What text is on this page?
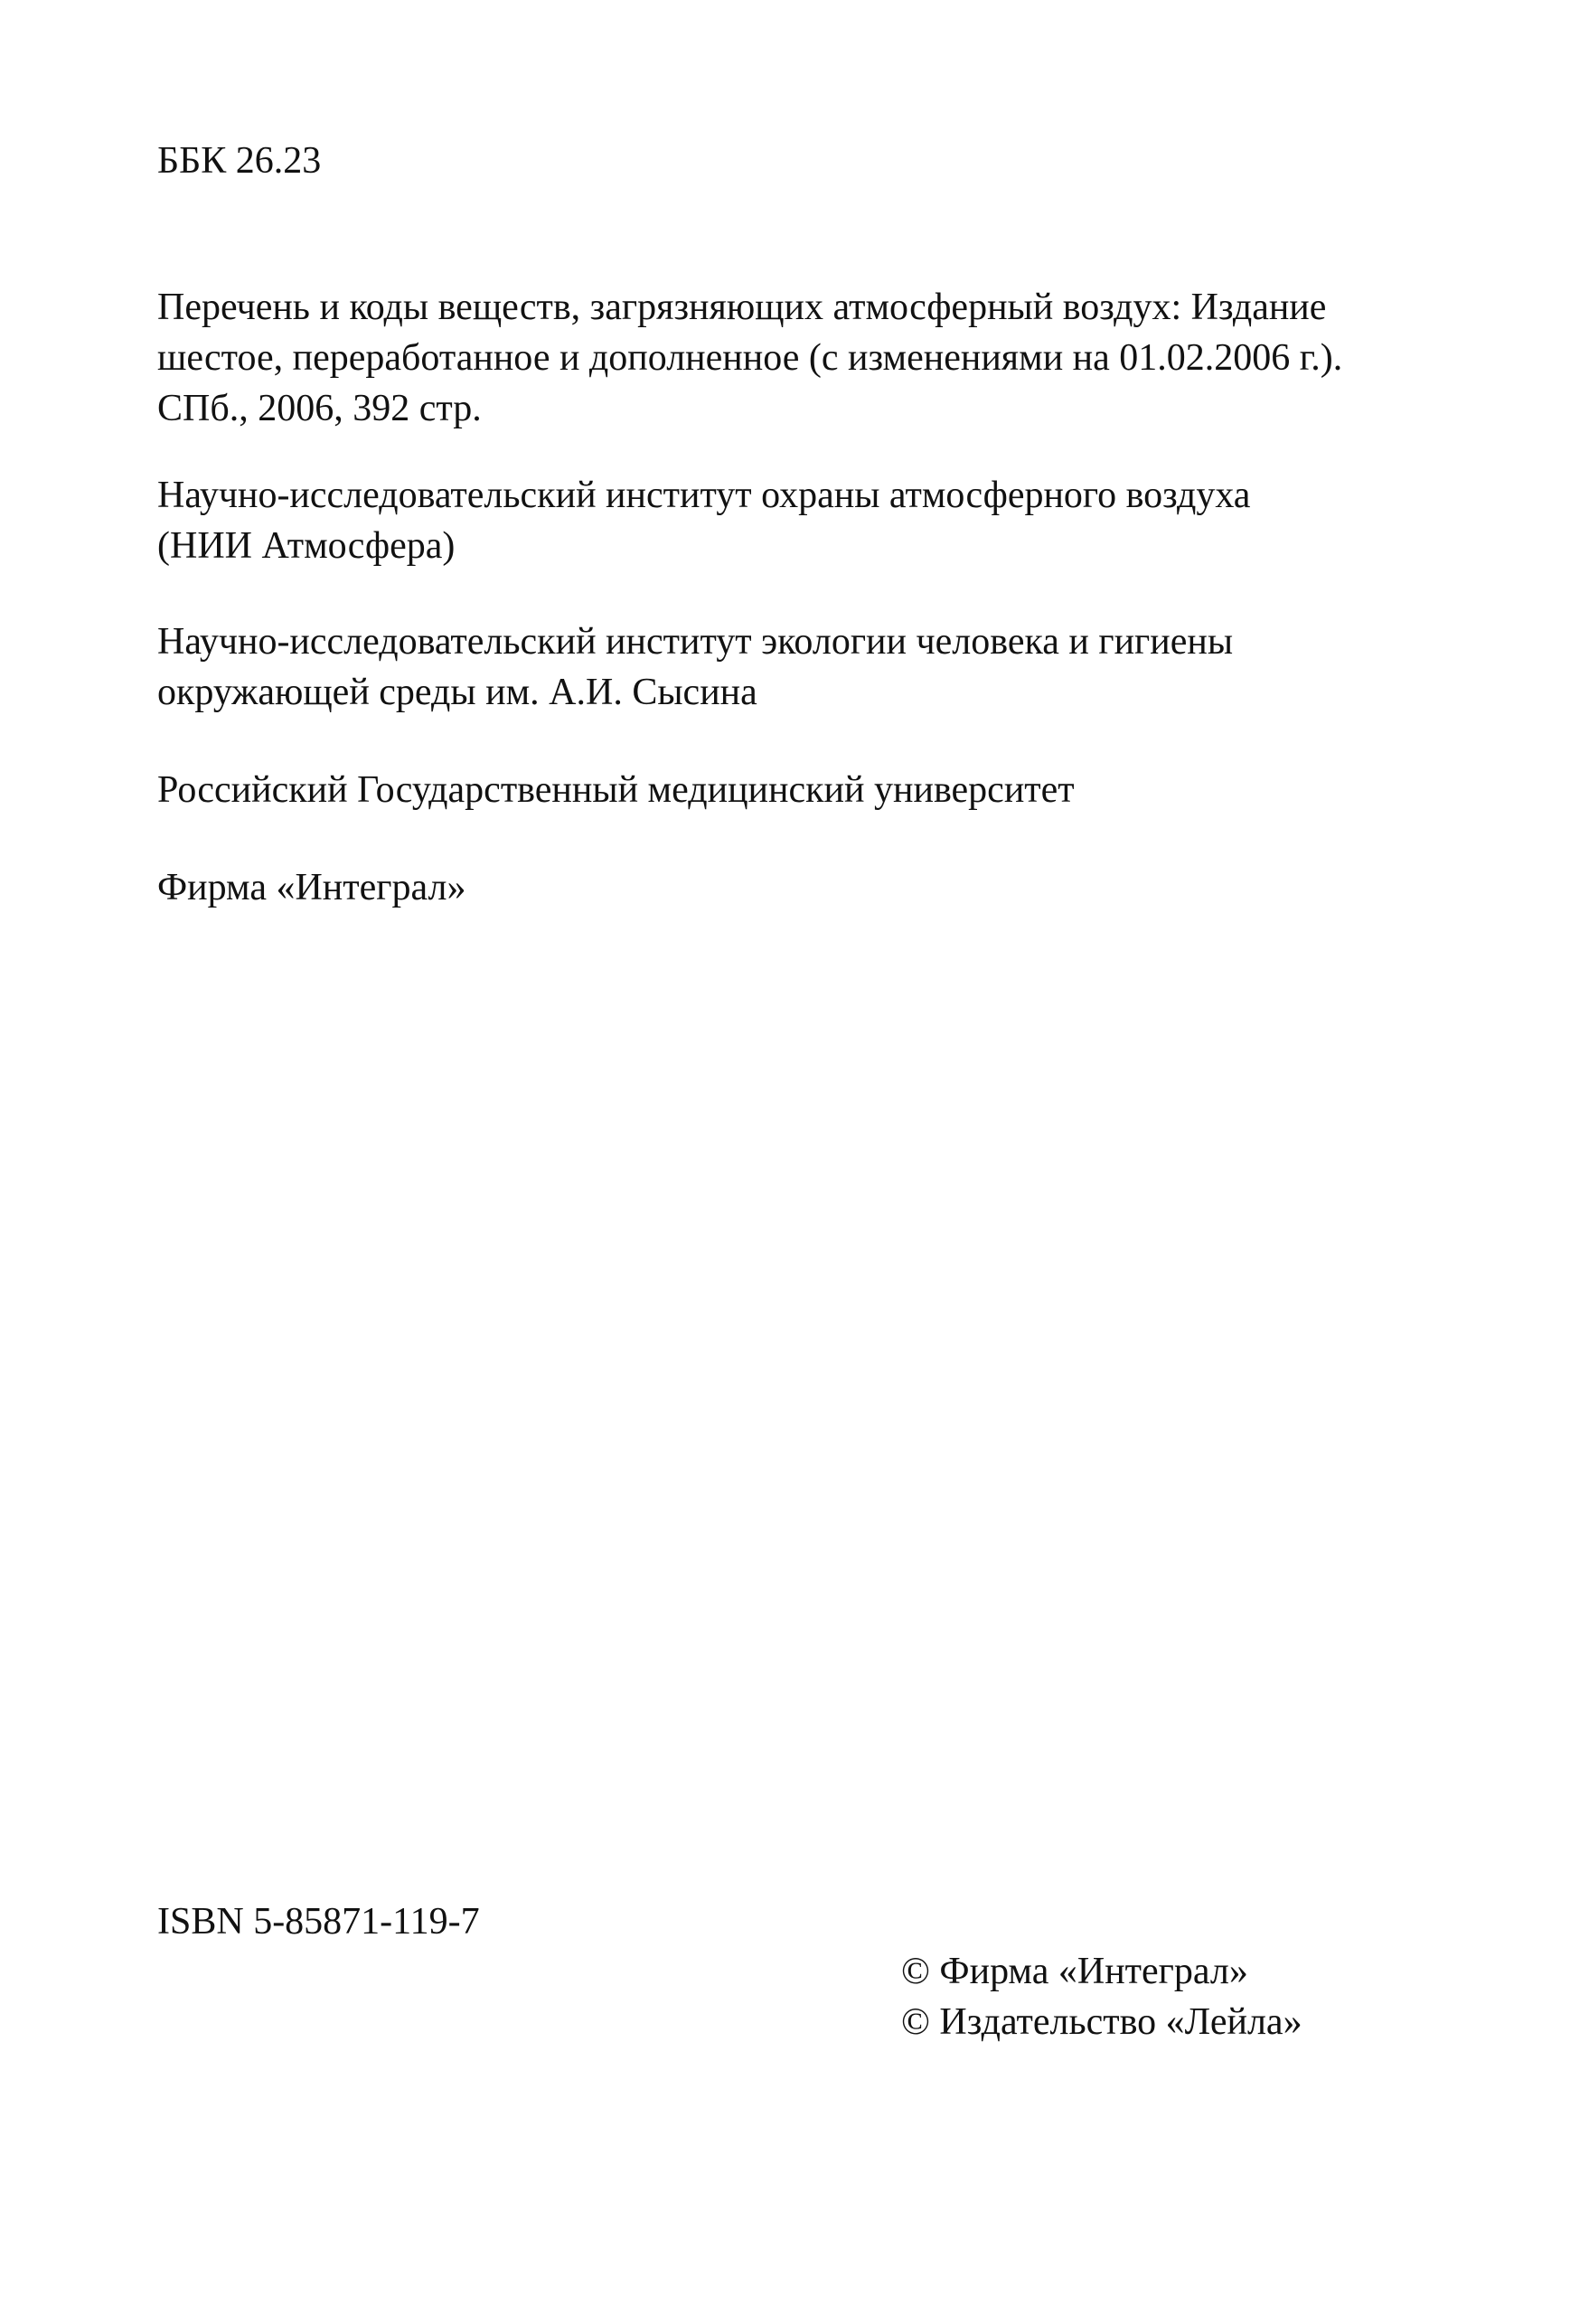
ББК 26.23
Перечень и коды веществ, загрязняющих атмосферный воздух: Издание
шестое, переработанное и дополненное (с изменениями на 01.02.2006 г.).
СПб., 2006, 392 стр.
Научно-исследовательский институт охраны атмосферного воздуха
(НИИ Атмосфера)
Научно-исследовательский институт экологии человека и гигиены
окружающей среды им. А.И. Сысина
Российский Государственный медицинский университет
Фирма «Интеграл»
ISBN 5-85871-119-7
© Фирма «Интеграл»
© Издательство «Лейла»
